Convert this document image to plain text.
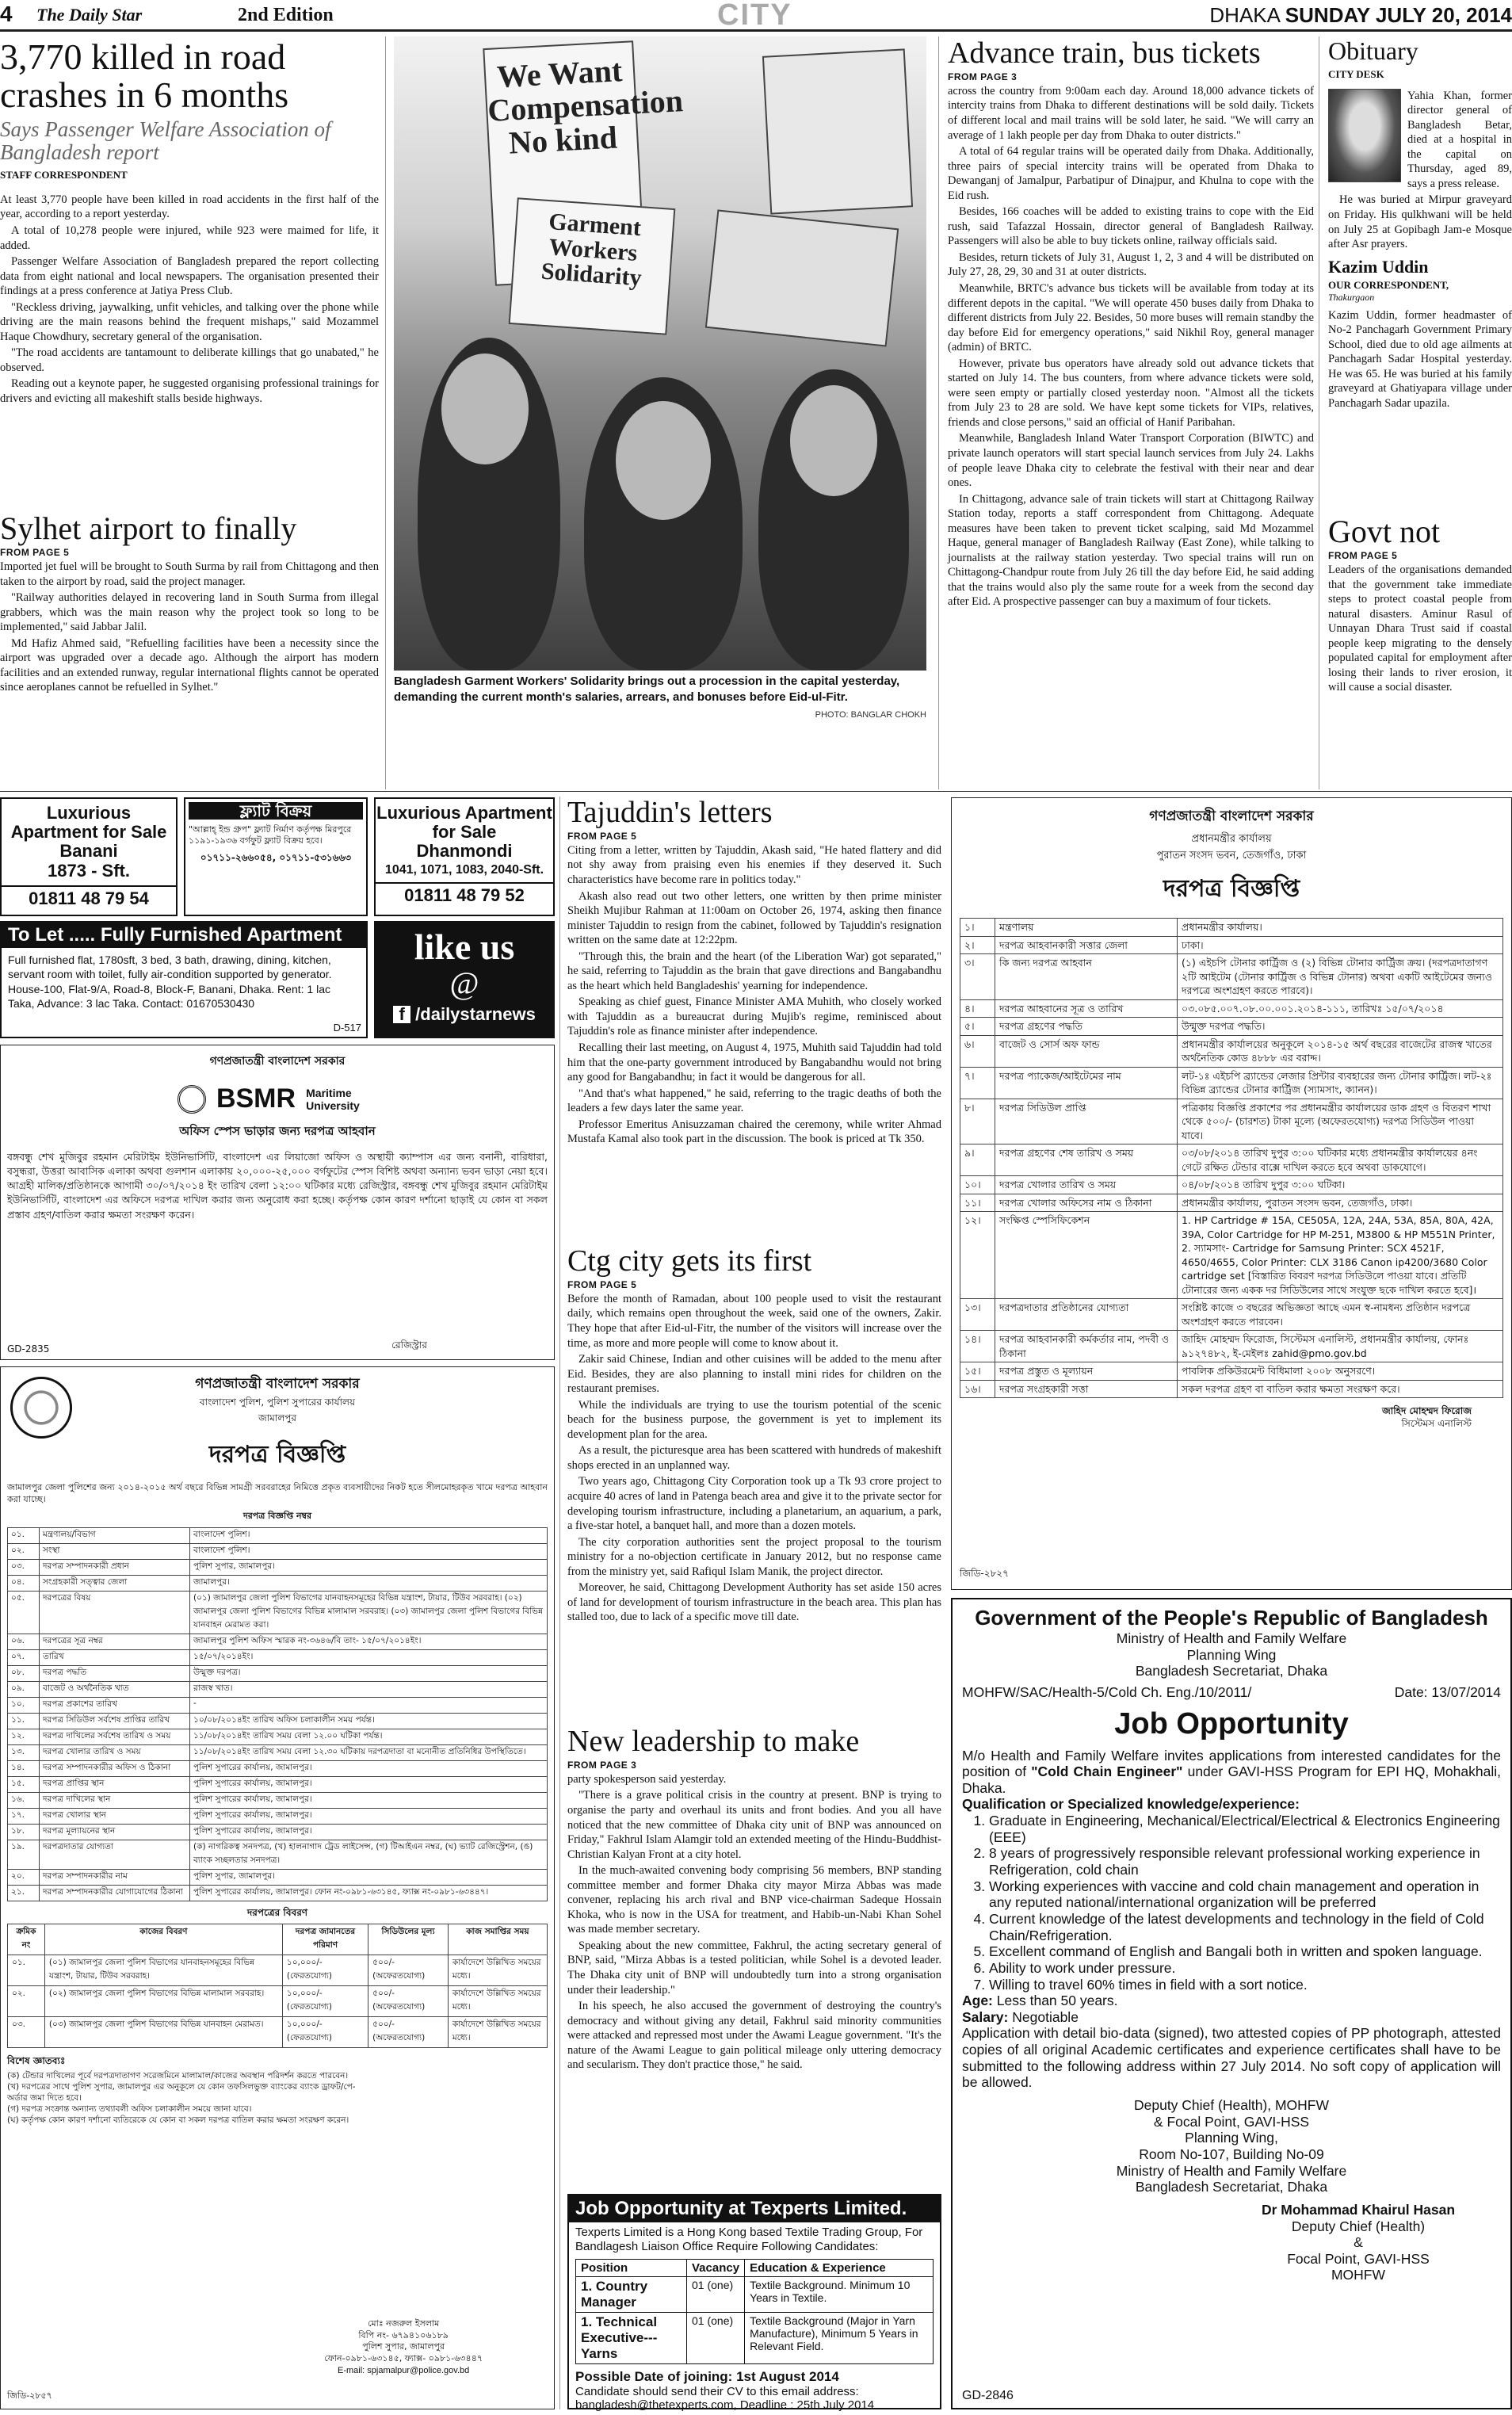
4 The Daily Star	2nd Edition	CITY	DHAKA SUNDAY JULY 20, 2014
3,770 killed in road crashes in 6 months
Says Passenger Welfare Association of Bangladesh report
STAFF CORRESPONDENT

At least 3,770 people have been killed in road accidents in the first half of the year, according to a report yesterday.

A total of 10,278 people were injured, while 923 were maimed for life, it added.

Passenger Welfare Association of Bangladesh prepared the report collecting data from eight national and local newspapers. The organisation presented their findings at a press conference at Jatiya Press Club.

"Reckless driving, jaywalking, unfit vehicles, and talking over the phone while driving are the main reasons behind the frequent mishaps," said Mozammel Haque Chowdhury, secretary general of the organisation.

"The road accidents are tantamount to deliberate killings that go unabated," he observed.

Reading out a keynote paper, he suggested organising professional trainings for drivers and evicting all makeshift stalls beside highways.

Sylhet airport to finally
FROM PAGE 5

Imported jet fuel will be brought to South Surma by rail from Chittagong and then taken to the airport by road, said the project manager.

"Railway authorities delayed in recovering land in South Surma from illegal grabbers, which was the main reason why the project took so long to be implemented," said Jabbar Jalil.

Md Hafiz Ahmed said, "Refuelling facilities have been a necessity since the airport was upgraded over a decade ago. Although the airport has modern facilities and an extended runway, regular international flights cannot be operated since aeroplanes cannot be refuelled in Sylhet."

We Want Compensation No kind
Garment Workers Solidarity
Bangladesh Garment Workers' Solidarity brings out a procession in the capital yesterday, demanding the current month's salaries, arrears, and bonuses before Eid-ul-Fitr.
PHOTO: BANGLAR CHOKH
Advance train, bus tickets
FROM PAGE 3

across the country from 9:00am each day. Around 18,000 advance tickets of intercity trains from Dhaka to different destinations will be sold daily. Tickets of different local and mail trains will be sold later, he said. "We will carry an average of 1 lakh people per day from Dhaka to outer districts."

A total of 64 regular trains will be operated daily from Dhaka. Additionally, three pairs of special intercity trains will be operated from Dhaka to Dewanganj of Jamalpur, Parbatipur of Dinajpur, and Khulna to cope with the Eid rush.

Besides, 166 coaches will be added to existing trains to cope with the Eid rush, said Tafazzal Hossain, director general of Bangladesh Railway. Passengers will also be able to buy tickets online, railway officials said.

Besides, return tickets of July 31, August 1, 2, 3 and 4 will be distributed on July 27, 28, 29, 30 and 31 at outer districts.

Meanwhile, BRTC's advance bus tickets will be available from today at its different depots in the capital. "We will operate 450 buses daily from Dhaka to different districts from July 22. Besides, 50 more buses will remain standby the day before Eid for emergency operations," said Nikhil Roy, general manager (admin) of BRTC.

However, private bus operators have already sold out advance tickets that started on July 14. The bus counters, from where advance tickets were sold, were seen empty or partially closed yesterday noon. "Almost all the tickets from July 23 to 28 are sold. We have kept some tickets for VIPs, relatives, friends and close persons," said an official of Hanif Paribahan.

Meanwhile, Bangladesh Inland Water Transport Corporation (BIWTC) and private launch operators will start special launch services from July 24. Lakhs of people leave Dhaka city to celebrate the festival with their near and dear ones.

In Chittagong, advance sale of train tickets will start at Chittagong Railway Station today, reports a staff correspondent from Chittagong. Adequate measures have been taken to prevent ticket scalping, said Md Mozammel Haque, general manager of Bangladesh Railway (East Zone), while talking to journalists at the railway station yesterday. Two special trains will run on Chittagong-Chandpur route from July 26 till the day before Eid, he said adding that the trains would also ply the same route for a week from the second day after Eid. A prospective passenger can buy a maximum of four tickets.

Obituary
CITY DESK

Yahia Khan, former director general of Bangladesh Betar, died at a hospital in the capital on Thursday, aged 89, says a press release.

He was buried at Mirpur graveyard on Friday. His qulkhwani will be held on July 25 at Gopibagh Jam-e Mosque after Asr prayers.

Kazim Uddin
OUR CORRESPONDENT,
Thakurgaon

Kazim Uddin, former headmaster of No-2 Panchagarh Government Primary School, died due to old age ailments at Panchagarh Sadar Hospital yesterday. He was 65. He was buried at his family graveyard at Ghatiyapara village under Panchagarh Sadar upazila.

Govt not
FROM PAGE 5

Leaders of the organisations demanded that the government take immediate steps to protect coastal people from natural disasters. Aminur Rasul of Unnayan Dhara Trust said if coastal people keep migrating to the densely populated capital for employment after losing their lands to river erosion, it will cause a social disaster.

Luxurious Apartment for Sale
Banani
1873 - Sft.
01811 48 79 54
ফ্ল্যাট বিক্রয়
"আল্লাহ্ ইন্ড গ্রুপ" ফ্ল্যাট নির্মাণ কর্তৃপক্ষ মিরপুরে ১১৯১-১৯৩৬ বর্গফুট ফ্ল্যাট বিক্রয় হবে।
০১৭১১-২৬৬০৫৪, ০১৭১১-৫৩১৬৬৩
Luxurious Apartment for Sale
Dhanmondi
1041, 1071, 1083, 2040-Sft.
01811 48 79 52
To Let ..... Fully Furnished Apartment
Full furnished flat, 1780sft, 3 bed, 3 bath, drawing, dining, kitchen, servant room with toilet, fully air-condition supported by generator. House-100, Flat-9/A, Road-8, Block-F, Banani, Dhaka. Rent: 1 lac Taka, Advance: 3 lac Taka. Contact: 01670530430
D-517
like us
@
f /dailystarnews
গণপ্রজাতন্ত্রী বাংলাদেশ সরকার
BSMR Maritime University
অফিস স্পেস ভাড়ার জন্য দরপত্র আহবান
বঙ্গবন্ধু শেখ মুজিবুর রহমান মেরিটাইম ইউনিভার্সিটি, বাংলাদেশ এর লিয়াজো অফিস ও অস্থায়ী ক্যাম্পাস এর জন্য বনানী, বারিধারা, বসুন্ধরা, উত্তরা আবাসিক এলাকা অথবা গুলশান এলাকায় ২০,০০০-২৫,০০০ বর্গফুটের স্পেস বিশিষ্ট অথবা অন্যান্য ভবন ভাড়া নেয়া হবে। আগ্রহী মালিক/প্রতিষ্ঠানকে আগামী ৩০/০৭/২০১৪ ইং তারিখ বেলা ১২:০০ ঘটিকার মধ্যে রেজিস্ট্রার, বঙ্গবন্ধু শেখ মুজিবুর রহমান মেরিটাইম ইউনিভার্সিটি, বাংলাদেশ এর অফিসে দরপত্র দাখিল করার জন্য অনুরোধ করা হচ্ছে। কর্তৃপক্ষ কোন কারণ দর্শানো ছাড়াই যে কোন বা সকল প্রস্তাব গ্রহণ/বাতিল করার ক্ষমতা সংরক্ষণ করেন।
GD-2835	রেজিস্ট্রার
গণপ্রজাতন্ত্রী বাংলাদেশ সরকার
বাংলাদেশ পুলিশ, পুলিশ সুপারের কার্যালয়
জামালপুর
দরপত্র বিজ্ঞপ্তি
জামালপুর জেলা পুলিশের জন্য ২০১৪-২০১৫ অর্থ বছরে বিভিন্ন সামগ্রী সরবরাহের নিমিত্তে প্রকৃত ব্যবসায়ীদের নিকট হতে সীলমোহরকৃত খামে দরপত্র আহবান করা যাচ্ছে।
দরপত্র বিজ্ঞপ্তি নম্বর
০১.	মন্ত্রণালয়/বিভাগ	বাংলাদেশ পুলিশ।
০২.	সংস্থা	বাংলাদেশ পুলিশ।
০৩.	দরপত্র সম্পাদনকারী প্রধান	পুলিশ সুপার, জামালপুর।
০৪.	সংগ্রহকারী সত্ত্বার জেলা	জামালপুর।
০৫.	দরপত্রের বিষয়	(০১) জামালপুর জেলা পুলিশ বিভাগের যানবাহনসমূহের বিভিন্ন যন্ত্রাংশ, টায়ার, টিউব সরবরাহ। (০২) জামালপুর জেলা পুলিশ বিভাগের বিভিন্ন মালামাল সরবরাহ। (০৩) জামালপুর জেলা পুলিশ বিভাগের বিভিন্ন যানবাহন মেরামত করা।
০৬.	দরপত্রের সূত্র নম্বর	জামালপুর পুলিশ অফিস স্মারক নং-৩৬৪৬/বি তাং- ১৫/০৭/২০১৪ইং।
০৭.	তারিখ	১৫/০৭/২০১৪ইং।
০৮.	দরপত্র পদ্ধতি	উন্মুক্ত দরপত্র।
০৯.	বাজেট ও অর্থনৈতিক খাত	রাজস্ব খাত।
১০.	দরপত্র প্রকাশের তারিখ	-
১১.	দরপত্র সিডিউল সর্বশেষ প্রাপ্তির তারিখ	১০/০৮/২০১৪ইং তারিখ অফিস চলাকালীন সময় পর্যন্ত।
১২.	দরপত্র দাখিলের সর্বশেষ তারিখ ও সময়	১১/০৮/২০১৪ইং তারিখ সময় বেলা ১২.০০ ঘটিকা পর্যন্ত।
১৩.	দরপত্র খোলার তারিখ ও সময়	১১/০৮/২০১৪ইং তারিখ সময় বেলা ১২.৩০ ঘটিকায় দরপত্রদাতা বা মনোনীত প্রতিনিধির উপস্থিতিতে।
১৪.	দরপত্র সম্পাদনকারীর অফিস ও ঠিকানা	পুলিশ সুপারের কার্যালয়, জামালপুর।
১৫.	দরপত্র প্রাপ্তির স্থান	পুলিশ সুপারের কার্যালয়, জামালপুর।
১৬.	দরপত্র দাখিলের স্থান	পুলিশ সুপারের কার্যালয়, জামালপুর।
১৭.	দরপত্র খোলার স্থান	পুলিশ সুপারের কার্যালয়, জামালপুর।
১৮.	দরপত্র মূল্যায়নের স্থান	পুলিশ সুপারের কার্যালয়, জামালপুর।
১৯.	দরপত্রদাতার যোগ্যতা	(ক) নাগরিকত্ব সনদপত্র, (খ) হালনাগাদ ট্রেড লাইসেন্স, (গ) টিআইএন নম্বর, (ঘ) ভ্যাট রেজিস্ট্রেশন, (ঙ) ব্যাংক সচ্ছলতার সনদপত্র।
২০.	দরপত্র সম্পাদনকারীর নাম	পুলিশ সুপার, জামালপুর।
২১.	দরপত্র সম্পাদনকারীর যোগাযোগের ঠিকানা	পুলিশ সুপারের কার্যালয়, জামালপুর। ফোন নং-০৯৮১-৬৩১৪৫, ফ্যাক্স নং-০৯৮১-৬৩৪৪৭।
দরপত্রের বিবরণ
ক্রমিক নং	কাজের বিবরণ	দরপত্র জামানতের পরিমাণ	সিডিউলের মূল্য	কাজ সমাপ্তির সময়
০১.	(০১) জামালপুর জেলা পুলিশ বিভাগের যানবাহনসমূহের বিভিন্ন যন্ত্রাংশ, টায়ার, টিউব সরবরাহ।	১০,০০০/- (ফেরতযোগ্য)	৫০০/- (অফেরতযোগ্য)	কার্যাদেশে উল্লিখিত সময়ের মধ্যে।
০২.	(০২) জামালপুর জেলা পুলিশ বিভাগের বিভিন্ন মালামাল সরবরাহ।	১০,০০০/- (ফেরতযোগ্য)	৫০০/- (অফেরতযোগ্য)	কার্যাদেশে উল্লিখিত সময়ের মধ্যে।
০৩.	(০৩) জামালপুর জেলা পুলিশ বিভাগের বিভিন্ন যানবাহন মেরামত।	১০,০০০/- (ফেরতযোগ্য)	৫০০/- (অফেরতযোগ্য)	কার্যাদেশে উল্লিখিত সময়ের মধ্যে।
বিশেষ জ্ঞাতব্যঃ
(ক) টেন্ডার দাখিলের পূর্বে দরপত্রদাতাগণ সরেজমিনে মালামাল/কাজের অবস্থান পরিদর্শন করতে পারবেন।
(খ) দরপত্রের সাথে পুলিশ সুপার, জামালপুর এর অনুকূলে যে কোন তফসিলভুক্ত ব্যাংকের ব্যাংক ড্রাফট/পে-অর্ডার জমা দিতে হবে।
(গ) দরপত্র সংক্রান্ত অন্যান্য তথ্যাবলী অফিস চলাকালীন সময়ে জানা যাবে।
(ঘ) কর্তৃপক্ষ কোন কারণ দর্শানো ব্যতিরেকে যে কোন বা সকল দরপত্র বাতিল করার ক্ষমতা সংরক্ষণ করেন।
মোঃ নজরুল ইসলাম
বিপি নং- ৬৭৯৪১০৬১৮৯
পুলিশ সুপার, জামালপুর
ফোন-০৯৮১-৬৩১৪৫, ফ্যাক্স- ০৯৮১-৬৩৪৪৭
E-mail: spjamalpur@police.gov.bd
জিডি-২৮৫৭
Tajuddin's letters
FROM PAGE 5

Citing from a letter, written by Tajuddin, Akash said, "He hated flattery and did not shy away from praising even his enemies if they deserved it. Such characteristics have become rare in politics today."

Akash also read out two other letters, one written by then prime minister Sheikh Mujibur Rahman at 11:00am on October 26, 1974, asking then finance minister Tajuddin to resign from the cabinet, followed by Tajuddin's resignation written on the same date at 12:22pm.

"Through this, the brain and the heart (of the Liberation War) got separated," he said, referring to Tajuddin as the brain that gave directions and Bangabandhu as the heart which held Bangladeshis' yearning for independence.

Speaking as chief guest, Finance Minister AMA Muhith, who closely worked with Tajuddin as a bureaucrat during Mujib's regime, reminisced about Tajuddin's role as finance minister after independence.

Recalling their last meeting, on August 4, 1975, Muhith said Tajuddin had told him that the one-party government introduced by Bangabandhu would not bring any good for Bangabandhu; in fact it would be dangerous for all.

"And that's what happened," he said, referring to the tragic deaths of both the leaders a few days later the same year.

Professor Emeritus Anisuzzaman chaired the ceremony, while writer Ahmad Mustafa Kamal also took part in the discussion. The book is priced at Tk 350.

Ctg city gets its first
FROM PAGE 5

Before the month of Ramadan, about 100 people used to visit the restaurant daily, which remains open throughout the week, said one of the owners, Zakir. They hope that after Eid-ul-Fitr, the number of the visitors will increase over the time, as more and more people will come to know about it.

Zakir said Chinese, Indian and other cuisines will be added to the menu after Eid. Besides, they are also planning to install mini rides for children on the restaurant premises.

While the individuals are trying to use the tourism potential of the scenic beach for the business purpose, the government is yet to implement its development plan for the area.

As a result, the picturesque area has been scattered with hundreds of makeshift shops erected in an unplanned way.

Two years ago, Chittagong City Corporation took up a Tk 93 crore project to acquire 40 acres of land in Patenga beach area and give it to the private sector for developing tourism infrastructure, including a planetarium, an aquarium, a park, a five-star hotel, a banquet hall, and more than a dozen motels.

The city corporation authorities sent the project proposal to the tourism ministry for a no-objection certificate in January 2012, but no response came from the ministry yet, said Rafiqul Islam Manik, the project director.

Moreover, he said, Chittagong Development Authority has set aside 150 acres of land for development of tourism infrastructure in the beach area. This plan has stalled too, due to lack of a specific move till date.

New leadership to make
FROM PAGE 3

party spokesperson said yesterday.

"There is a grave political crisis in the country at present. BNP is trying to organise the party and overhaul its units and front bodies. And you all have noticed that the new committee of Dhaka city unit of BNP was announced on Friday," Fakhrul Islam Alamgir told an extended meeting of the Hindu-Buddhist-Christian Kalyan Front at a city hotel.

In the much-awaited convening body comprising 56 members, BNP standing committee member and former Dhaka city mayor Mirza Abbas was made convener, replacing his arch rival and BNP vice-chairman Sadeque Hossain Khoka, who is now in the USA for treatment, and Habib-un-Nabi Khan Sohel was made member secretary.

Speaking about the new committee, Fakhrul, the acting secretary general of BNP, said, "Mirza Abbas is a tested politician, while Sohel is a devoted leader. The Dhaka city unit of BNP will undoubtedly turn into a strong organisation under their leadership."

In his speech, he also accused the government of destroying the country's democracy and without giving any detail, Fakhrul said minority communities were attacked and repressed most under the Awami League government. "It's the nature of the Awami League to gain political mileage only uttering democracy and secularism. They don't practice those," he said.

Job Opportunity at Texperts Limited.
Texperts Limited is a Hong Kong based Textile Trading Group, For Bandlagesh Liaison Office Require Following Candidates:
Position	Vacancy	Education & Experience
1. Country Manager	01 (one)	Textile Background. Minimum 10 Years in Textile.
1. Technical Executive--- Yarns	01 (one)	Textile Background (Major in Yarn Manufacture), Minimum 5 Years in Relevant Field.
Possible Date of joining: 1st August 2014
Candidate should send their CV to this email address: bangladesh@thetexperts.com, Deadline : 25th July 2014
গণপ্রজাতন্ত্রী বাংলাদেশ সরকার
প্রধানমন্ত্রীর কার্যালয়
পুরাতন সংসদ ভবন, তেজগাঁও, ঢাকা
দরপত্র বিজ্ঞপ্তি
১।	মন্ত্রণালয়	প্রধানমন্ত্রীর কার্যালয়।
২।	দরপত্র আহবানকারী সত্তার জেলা	ঢাকা।
৩।	কি জন্য দরপত্র আহবান	(১) এইচপি টোনার কার্ট্রিজ ও (২) বিভিন্ন টোনার কার্ট্রিজ ক্রয়। (দরপত্রদাতাগণ ২টি আইটেম (টোনার কার্ট্রিজ ও বিভিন্ন টোনার) অথবা একটি আইটেমের জন্যও দরপত্রে অংশগ্রহণ করতে পারবে)।
৪।	দরপত্র আহবানের সূত্র ও তারিখ	০৩.০৮৫.০০৭.০৮.০০.০০১.২০১৪-১১১, তারিখঃ ১৫/০৭/২০১৪
৫।	দরপত্র গ্রহণের পদ্ধতি	উন্মুক্ত দরপত্র পদ্ধতি।
৬।	বাজেট ও সোর্স অফ ফান্ড	প্রধানমন্ত্রীর কার্যালয়ের অনুকূলে ২০১৪-১৫ অর্থ বছরের বাজেটের রাজস্ব খাতের অর্থনৈতিক কোড ৪৮৮৮ এর বরাদ্দ।
৭।	দরপত্র প্যাকেজ/আইটেমের নাম	লট-১ঃ এইচপি ব্র্যান্ডের লেজার প্রিন্টার ব্যবহারের জন্য টোনার কার্ট্রিজ। লট-২ঃ বিভিন্ন ব্র্যান্ডের টোনার কার্ট্রিজ (স্যামসাং, ক্যানন)।
৮।	দরপত্র সিডিউল প্রাপ্তি	পত্রিকায় বিজ্ঞপ্তি প্রকাশের পর প্রধানমন্ত্রীর কার্যালয়ের ডাক গ্রহণ ও বিতরণ শাখা থেকে ৫০০/- (চারশত) টাকা মূল্যে (অফেরতযোগ্য) দরপত্র সিডিউল পাওয়া যাবে।
৯।	দরপত্র গ্রহণের শেষ তারিখ ও সময়	০৩/০৮/২০১৪ তারিখ দুপুর ৩:০০ ঘটিকার মধ্যে প্রধানমন্ত্রীর কার্যালয়ের ৪নং গেটে রক্ষিত টেন্ডার বাক্সে দাখিল করতে হবে অথবা ডাকযোগে।
১০।	দরপত্র খোলার তারিখ ও সময়	০৪/০৮/২০১৪ তারিখ দুপুর ৩:০০ ঘটিকা।
১১।	দরপত্র খোলার অফিসের নাম ও ঠিকানা	প্রধানমন্ত্রীর কার্যালয়, পুরাতন সংসদ ভবন, তেজগাঁও, ঢাকা।
১২।	সংক্ষিপ্ত স্পেসিফিকেশন	1. HP Cartridge # 15A, CE505A, 12A, 24A, 53A, 85A, 80A, 42A, 39A, Color Cartridge for HP M-251, M3800 & HP M551N Printer, 2. স্যামসাং- Cartridge for Samsung Printer: SCX 4521F, 4650/4655, Color Printer: CLX 3186 Canon ip4200/3680 Color cartridge set [বিস্তারিত বিবরণ দরপত্র সিডিউলে পাওয়া যাবে। প্রতিটি টোনারের জন্য একক দর সিডিউলের সাথে সংযুক্ত ছকে দাখিল করতে হবে]।
১৩।	দরপত্রদাতার প্রতিষ্ঠানের যোগ্যতা	সংশ্লিষ্ট কাজে ৩ বছরের অভিজ্ঞতা আছে এমন স্ব-নামধন্য প্রতিষ্ঠান দরপত্রে অংশগ্রহণ করতে পারবেন।
১৪।	দরপত্র আহবানকারী কর্মকর্তার নাম, পদবী ও ঠিকানা	জাহিদ মোহম্মদ ফিরোজ, সিস্টেমস এনালিস্ট, প্রধানমন্ত্রীর কার্যালয়, ফোনঃ ৯১২৭৪৮২, ই-মেইলঃ zahid@pmo.gov.bd
১৫।	দরপত্র প্রস্তুত ও মূল্যায়ন	পাবলিক প্রকিউরমেন্ট বিধিমালা ২০০৮ অনুসরণে।
১৬।	দরপত্র সংগ্রহকারী সত্তা	সকল দরপত্র গ্রহণ বা বাতিল করার ক্ষমতা সংরক্ষণ করে।
জাহিদ মোহম্মদ ফিরোজ
সিস্টেমস এনালিস্ট
জিডি-২৮২৭
Government of the People's Republic of Bangladesh

Ministry of Health and Family Welfare

Planning Wing

Bangladesh Secretariat, Dhaka

MOHFW/SAC/Health-5/Cold Ch. Eng./10/2011/	Date: 13/07/2014

Job Opportunity

M/o Health and Family Welfare invites applications from interested candidates for the position of "Cold Chain Engineer" under GAVI-HSS Program for EPI HQ, Mohakhali, Dhaka.

Qualification or Specialized knowledge/experience:

1. Graduate in Engineering, Mechanical/Electrical/Electrical & Electronics Engineering (EEE)
2. 8 years of progressively responsible relevant professional working experience in Refrigeration, cold chain
3. Working experiences with vaccine and cold chain management and operation in any reputed national/international organization will be preferred
4. Current knowledge of the latest developments and technology in the field of Cold Chain/Refrigeration.
5. Excellent command of English and Bangali both in written and spoken language.
6. Ability to work under pressure.
7. Willing to travel 60% times in field with a sort notice.

Age: Less than 50 years.

Salary: Negotiable

Application with detail bio-data (signed), two attested copies of PP photograph, attested copies of all original Academic certificates and experience certificates shall have to be submitted to the following address within 27 July 2014. No soft copy of application will be allowed.

Deputy Chief (Health), MOHFW

& Focal Point, GAVI-HSS

Planning Wing,

Room No-107, Building No-09

Ministry of Health and Family Welfare

Bangladesh Secretariat, Dhaka

Dr Mohammad Khairul Hasan

Deputy Chief (Health)

&

Focal Point, GAVI-HSS

MOHFW

GD-2846
